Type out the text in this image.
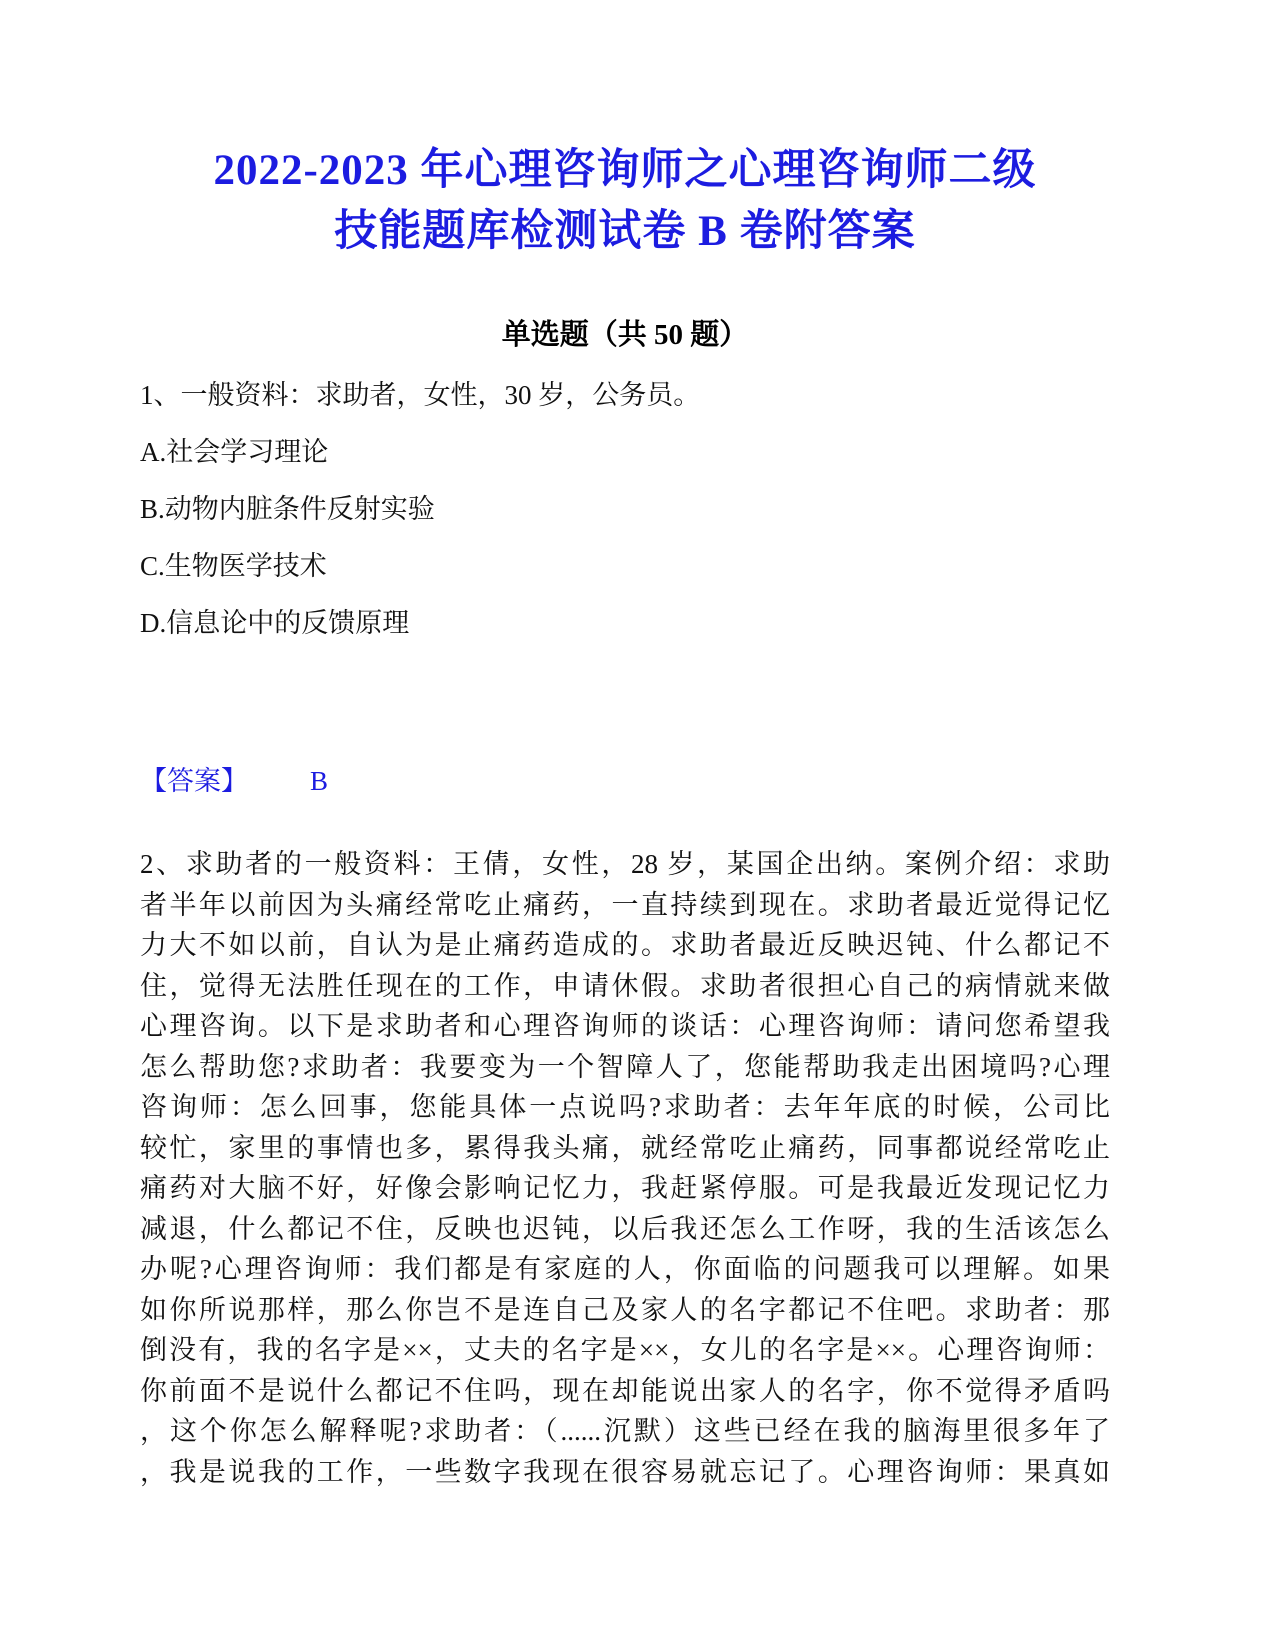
2022-2023 年心理咨询师之心理咨询师二级
技能题库检测试卷 B 卷附答案
单选题（共 50 题）

1、一般资料：求助者，女性，30 岁，公务员。

A.社会学习理论

B.动物内脏条件反射实验

C.生物医学技术

D.信息论中的反馈原理

【答案】 B

2、求助者的一般资料：王倩，女性，28 岁，某国企出纳。案例介绍：求助
者半年以前因为头痛经常吃止痛药，一直持续到现在。求助者最近觉得记忆
力大不如以前，自认为是止痛药造成的。求助者最近反映迟钝、什么都记不
住，觉得无法胜任现在的工作，申请休假。求助者很担心自己的病情就来做
心理咨询。以下是求助者和心理咨询师的谈话：心理咨询师：请问您希望我
怎么帮助您?求助者：我要变为一个智障人了，您能帮助我走出困境吗?心理
咨询师：怎么回事，您能具体一点说吗?求助者：去年年底的时候，公司比
较忙，家里的事情也多，累得我头痛，就经常吃止痛药，同事都说经常吃止
痛药对大脑不好，好像会影响记忆力，我赶紧停服。可是我最近发现记忆力
减退，什么都记不住，反映也迟钝，以后我还怎么工作呀，我的生活该怎么
办呢?心理咨询师：我们都是有家庭的人，你面临的问题我可以理解。如果
如你所说那样，那么你岂不是连自己及家人的名字都记不住吧。求助者：那
倒没有，我的名字是××，丈夫的名字是××，女儿的名字是××。心理咨询师：
你前面不是说什么都记不住吗，现在却能说出家人的名字，你不觉得矛盾吗
，这个你怎么解释呢?求助者：（......沉默）这些已经在我的脑海里很多年了
，我是说我的工作，一些数字我现在很容易就忘记了。心理咨询师：果真如
